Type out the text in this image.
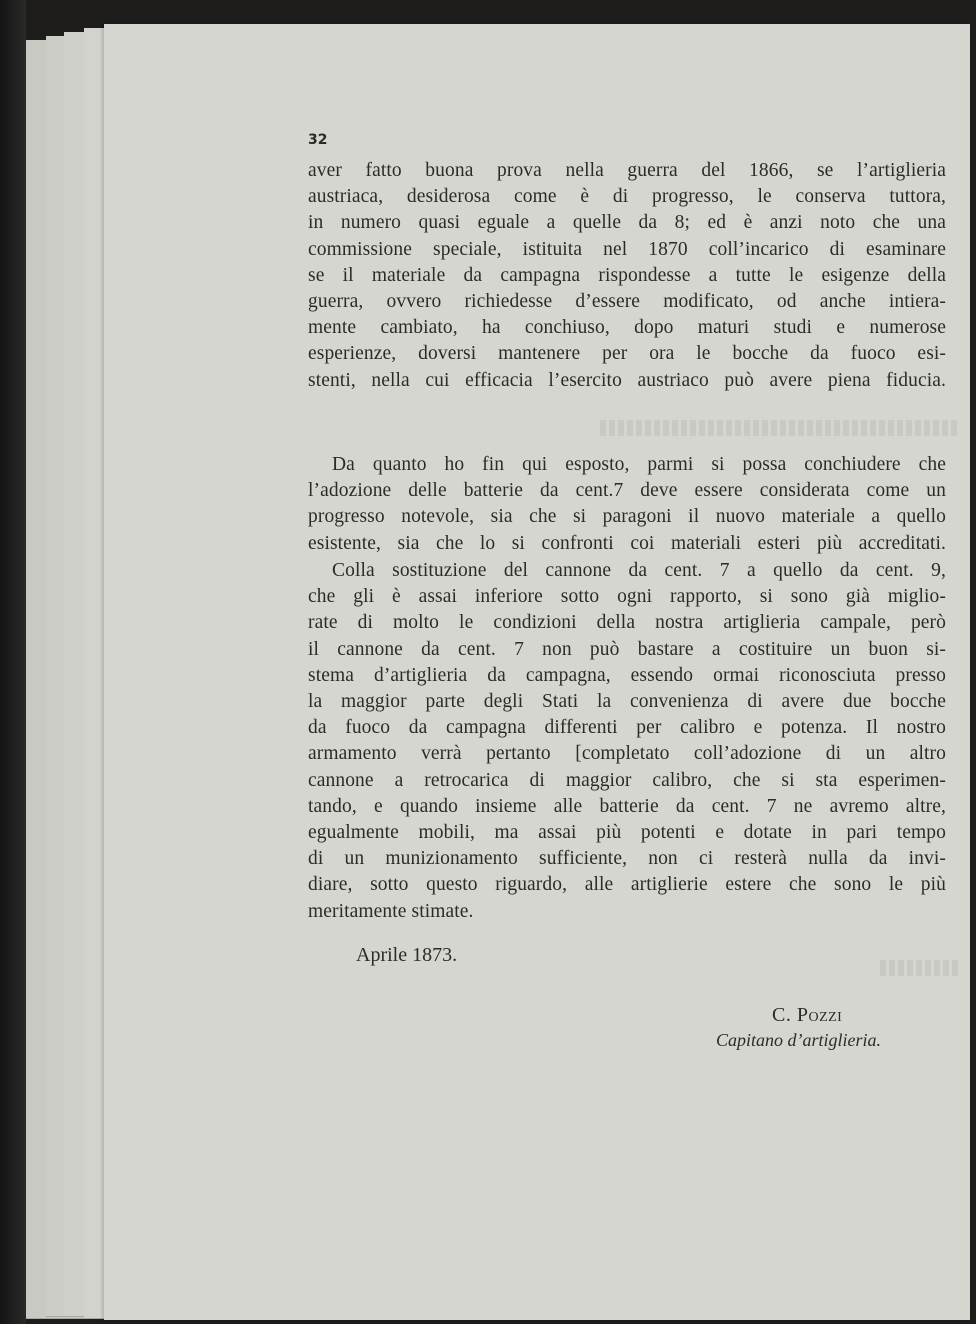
32
aver fatto buona prova nella guerra del 1866, se l’artiglieria
austriaca, desiderosa come è di progresso, le conserva tuttora,
in numero quasi eguale a quelle da 8; ed è anzi noto che una
commissione speciale, istituita nel 1870 coll’incarico di esaminare
se il materiale da campagna rispondesse a tutte le esigenze della
guerra, ovvero richiedesse d’essere modificato, od anche intiera-
mente cambiato, ha conchiuso, dopo maturi studi e numerose
esperienze, doversi mantenere per ora le bocche da fuoco esi-
stenti, nella cui efficacia l’esercito austriaco può avere piena fiducia.
Da quanto ho fin qui esposto, parmi si possa conchiudere che
l’adozione delle batterie da cent.7 deve essere considerata come un
progresso notevole, sia che si paragoni il nuovo materiale a quello
esistente, sia che lo si confronti coi materiali esteri più accreditati.
Colla sostituzione del cannone da cent. 7 a quello da cent. 9,
che gli è assai inferiore sotto ogni rapporto, si sono già miglio-
rate di molto le condizioni della nostra artiglieria campale, però
il cannone da cent. 7 non può bastare a costituire un buon si-
stema d’artiglieria da campagna, essendo ormai riconosciuta presso
la maggior parte degli Stati la convenienza di avere due bocche
da fuoco da campagna differenti per calibro e potenza. Il nostro
armamento verrà pertanto [completato coll’adozione di un altro
cannone a retrocarica di maggior calibro, che si sta esperimen-
tando, e quando insieme alle batterie da cent. 7 ne avremo altre,
egualmente mobili, ma assai più potenti e dotate in pari tempo
di un munizionamento sufficiente, non ci resterà nulla da invi-
diare, sotto questo riguardo, alle artiglierie estere che sono le più
meritamente stimate.
Aprile 1873.
C. Pozzi
Capitano d’artiglieria.
